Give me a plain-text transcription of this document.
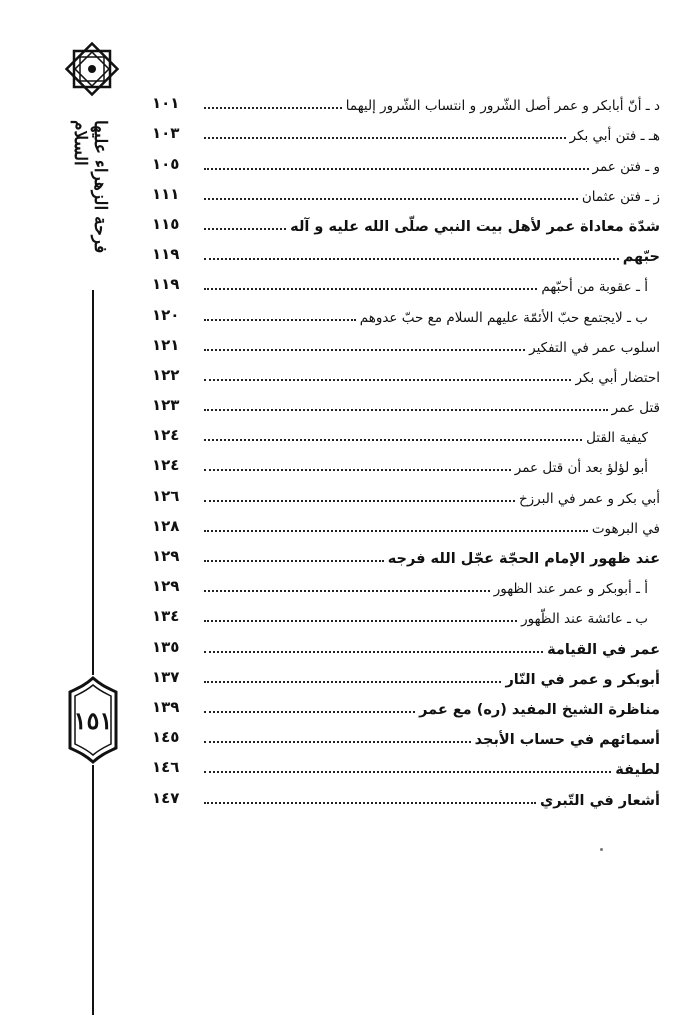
فرحة الزهراء عليها السلام
١٥١
١٠١	د ـ أنّ أبابكر و عمر أصل الشّرور و انتساب الشّرور إليهما
١٠٣	هـ ـ فتن أبي بكر
١٠٥	و ـ فتن عمر
١١١	ز ـ فتن عثمان
١١٥	شدّة معاداة عمر لأهل بيت النبي صلّى الله عليه و آله
١١٩	حبّهم
١١٩	أ ـ عقوبة من أحبّهم
١٢٠	ب ـ لايجتمع حبّ الأئمّة عليهم السلام مع حبّ عدوهم
١٢١	اسلوب عمر في التفكير
١٢٢	احتضار أبي بكر
١٢٣	قتل عمر
١٢٤	كيفية القتل
١٢٤	أبو لؤلؤ بعد أن قتل عمر
١٢٦	أبي بكر و عمر في البرزخ
١٢٨	في البرهوت
١٢٩	عند ظهور الإمام الحجّة عجّل الله فرجه
١٢٩	أ ـ أبوبكر و عمر عند الظهور
١٣٤	ب ـ عائشة عند الظّهور
١٣٥	عمر في القيامة
١٣٧	أبوبكر و عمر في النّار
١٣٩	مناظرة الشيخ المفيد (ره) مع عمر
١٤٥	أسمائهم في حساب الأبجد
١٤٦	لطيفة
١٤٧	أشعار في التّبري
